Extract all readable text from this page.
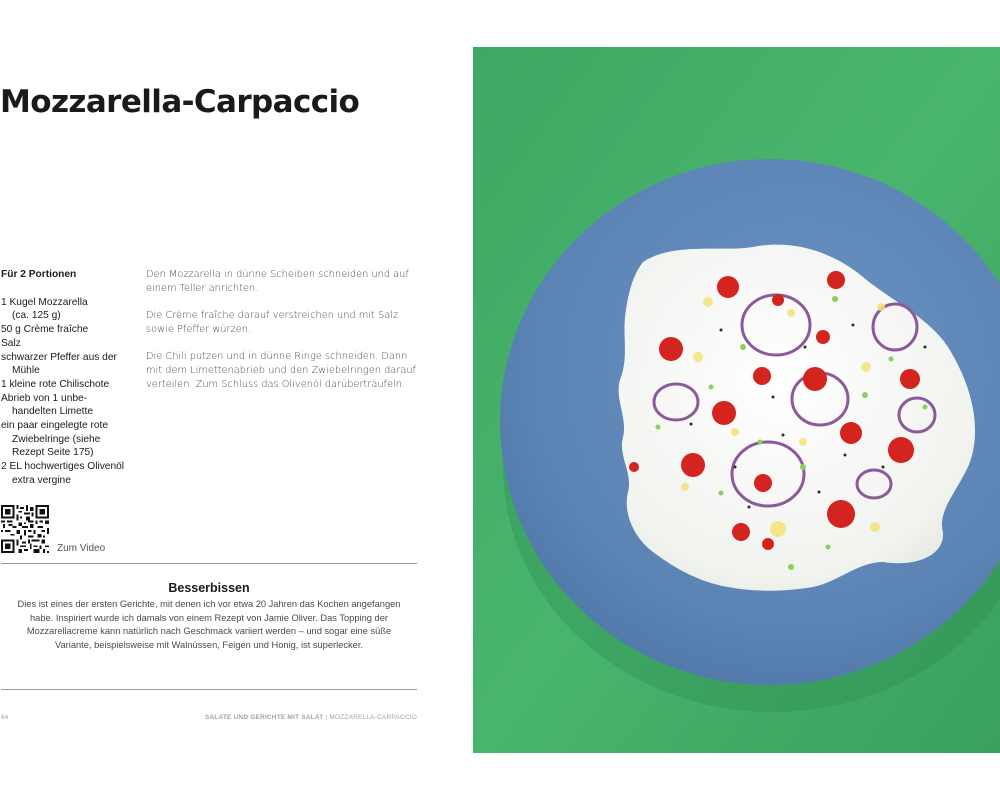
Mozzarella-Carpaccio
Für 2 Portionen
1 Kugel Mozzarella
(ca. 125 g)
50 g Crème fraîche
Salz
schwarzer Pfeffer aus der
Mühle
1 kleine rote Chilischote
Abrieb von 1 unbe-
handelten Limette
ein paar eingelegte rote
Zwiebelringe (siehe
Rezept Seite 175)
2 EL hochwertiges Olivenöl
extra vergine

Den Mozzarella in dünne Scheiben schneiden und auf einem Teller anrichten.

Die Crème fraîche darauf verstreichen und mit Salz sowie Pfeffer würzen.

Die Chili putzen und in dünne Ringe schneiden. Dann mit dem Limettenabrieb und den Zwiebelringen darauf verteilen. Zum Schluss das Olivenöl darüberträufeln.

Zum Video
Besserbissen

Dies ist eines der ersten Gerichte, mit denen ich vor etwa 20 Jahren das Kochen angefangen habe. Inspiriert wurde ich damals von einem Rezept von Jamie Oliver. Das Topping der Mozzarellacreme kann natürlich nach Geschmack variiert werden – und sogar eine süße Variante, beispielsweise mit Walnüssen, Feigen und Honig, ist superlecker.

64	SALATE UND GERICHTE MIT SALAT | MOZZARELLA-CARPACCIO
